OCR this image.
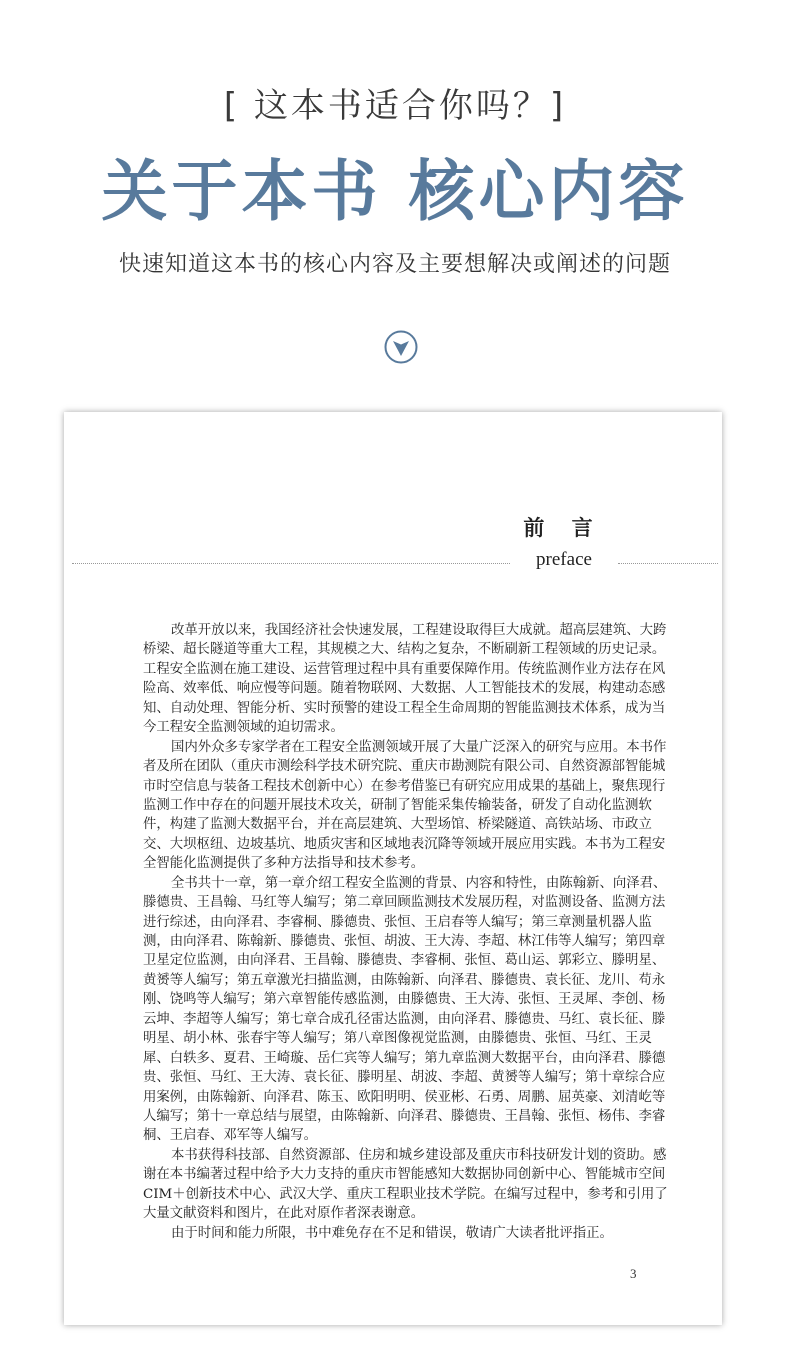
[ 这本书适合你吗？]
关于本书 核心内容
快速知道这本书的核心内容及主要想解决或阐述的问题
前 言
preface
改革开放以来，我国经济社会快速发展，工程建设取得巨大成就。超高层建筑、大跨
桥梁、超长隧道等重大工程，其规模之大、结构之复杂，不断刷新工程领域的历史记录。
工程安全监测在施工建设、运营管理过程中具有重要保障作用。传统监测作业方法存在风
险高、效率低、响应慢等问题。随着物联网、大数据、人工智能技术的发展，构建动态感
知、自动处理、智能分析、实时预警的建设工程全生命周期的智能监测技术体系，成为当
今工程安全监测领域的迫切需求。
国内外众多专家学者在工程安全监测领域开展了大量广泛深入的研究与应用。本书作
者及所在团队（重庆市测绘科学技术研究院、重庆市勘测院有限公司、自然资源部智能城
市时空信息与装备工程技术创新中心）在参考借鉴已有研究应用成果的基础上，聚焦现行
监测工作中存在的问题开展技术攻关，研制了智能采集传输装备，研发了自动化监测软
件，构建了监测大数据平台，并在高层建筑、大型场馆、桥梁隧道、高铁站场、市政立
交、大坝枢纽、边坡基坑、地质灾害和区域地表沉降等领域开展应用实践。本书为工程安
全智能化监测提供了多种方法指导和技术参考。
全书共十一章，第一章介绍工程安全监测的背景、内容和特性，由陈翰新、向泽君、
滕德贵、王昌翰、马红等人编写；第二章回顾监测技术发展历程，对监测设备、监测方法
进行综述，由向泽君、李睿桐、滕德贵、张恒、王启春等人编写；第三章测量机器人监
测，由向泽君、陈翰新、滕德贵、张恒、胡波、王大涛、李超、林江伟等人编写；第四章
卫星定位监测，由向泽君、王昌翰、滕德贵、李睿桐、张恒、葛山运、郭彩立、滕明星、
黄赟等人编写；第五章激光扫描监测，由陈翰新、向泽君、滕德贵、袁长征、龙川、苟永
刚、饶鸣等人编写；第六章智能传感监测，由滕德贵、王大涛、张恒、王灵犀、李创、杨
云坤、李超等人编写；第七章合成孔径雷达监测，由向泽君、滕德贵、马红、袁长征、滕
明星、胡小林、张春宇等人编写；第八章图像视觉监测，由滕德贵、张恒、马红、王灵
犀、白轶多、夏君、王崎璇、岳仁宾等人编写；第九章监测大数据平台，由向泽君、滕德
贵、张恒、马红、王大涛、袁长征、滕明星、胡波、李超、黄赟等人编写；第十章综合应
用案例，由陈翰新、向泽君、陈玉、欧阳明明、侯亚彬、石勇、周鹏、屈英豪、刘清屹等
人编写；第十一章总结与展望，由陈翰新、向泽君、滕德贵、王昌翰、张恒、杨伟、李睿
桐、王启春、邓军等人编写。
本书获得科技部、自然资源部、住房和城乡建设部及重庆市科技研发计划的资助。感
谢在本书编著过程中给予大力支持的重庆市智能感知大数据协同创新中心、智能城市空间
CIM＋创新技术中心、武汉大学、重庆工程职业技术学院。在编写过程中，参考和引用了
大量文献资料和图片，在此对原作者深表谢意。
由于时间和能力所限，书中难免存在不足和错误，敬请广大读者批评指正。
3
